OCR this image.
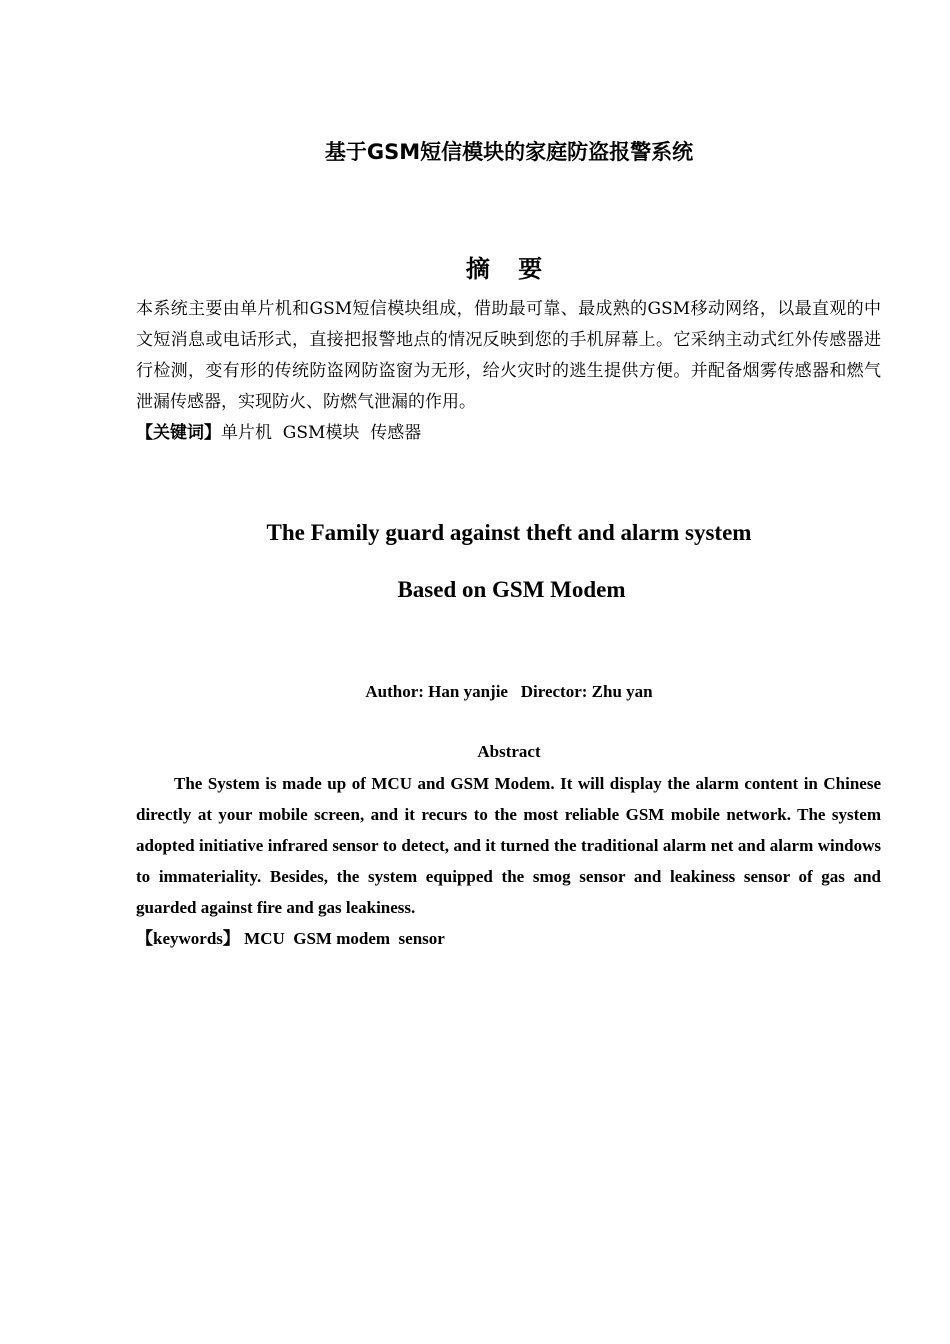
基于GSM短信模块的家庭防盗报警系统
摘 要
本系统主要由单片机和GSM短信模块组成，借助最可靠、最成熟的GSM移动网络，以最直观的中文短消息或电话形式，直接把报警地点的情况反映到您的手机屏幕上。它采纳主动式红外传感器进行检测，变有形的传统防盗网防盗窗为无形，给火灾时的逃生提供方便。并配备烟雾传感器和燃气泄漏传感器，实现防火、防燃气泄漏的作用。
【关键词】单片机  GSM模块  传感器
The Family guard against theft and alarm system
Based on GSM Modem
Author: Han yanjie   Director: Zhu yan
Abstract
The System is made up of MCU and GSM Modem. It will display the alarm content in Chinese directly at your mobile screen, and it recurs to the most reliable GSM mobile network. The system adopted initiative infrared sensor to detect, and it turned the traditional alarm net and alarm windows to immateriality. Besides, the system equipped the smog sensor and leakiness sensor of gas and guarded against fire and gas leakiness.
【keywords】 MCU  GSM modem  sensor
